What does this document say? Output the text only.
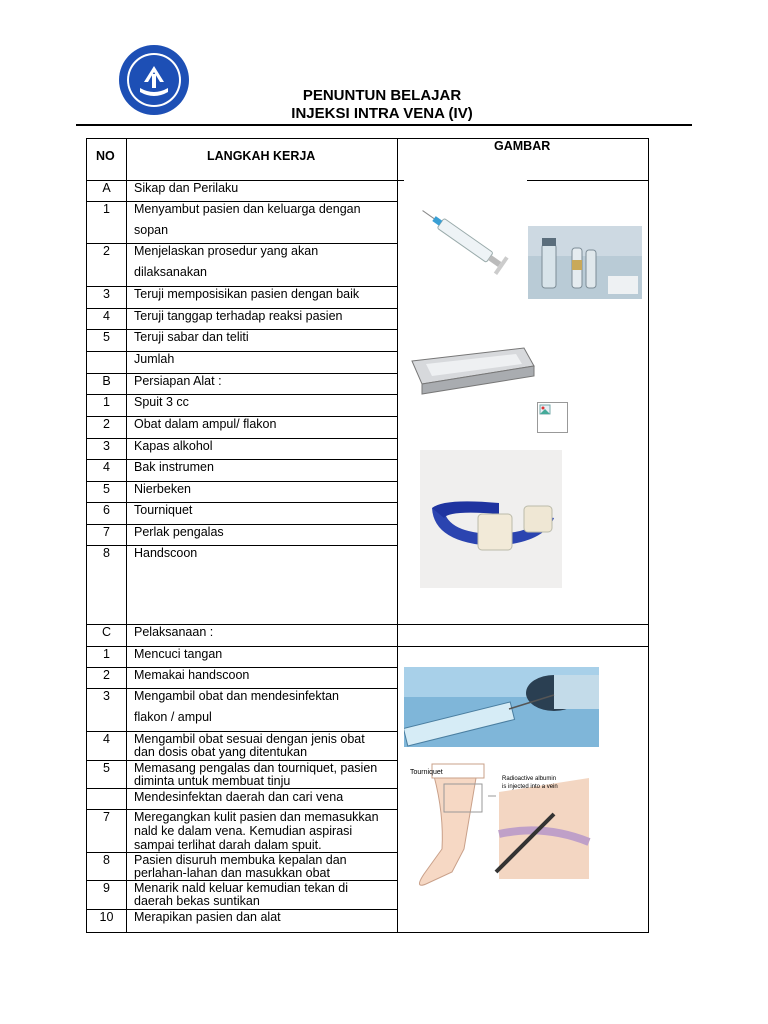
PENUNTUN BELAJAR
INJEKSI INTRA VENA (IV)
NO	LANGKAH KERJA
GAMBAR
A	Sikap dan Perilaku
1	Menyambut pasien dan keluarga dengan
sopan
2	Menjelaskan prosedur yang akan
dilaksanakan
3	Teruji memposisikan pasien dengan baik
4	Teruji tanggap terhadap reaksi pasien
5	Teruji sabar dan teliti
Jumlah
B	Persiapan Alat :
1	Spuit 3 cc
2	Obat dalam ampul/ flakon
3	Kapas alkohol
4	Bak instrumen
5	Nierbeken
6	Tourniquet
7	Perlak pengalas
8	Handscoon
C	Pelaksanaan :
1	Mencuci tangan
2	Memakai handscoon
3	Mengambil obat dan mendesinfektan
flakon / ampul
4	Mengambil obat sesuai dengan jenis obat
dan dosis obat yang ditentukan
5	Memasang pengalas dan tourniquet, pasien
diminta untuk membuat tinju
Mendesinfektan daerah dan cari vena
7	Meregangkan kulit pasien dan memasukkan
nald ke dalam vena. Kemudian aspirasi
sampai terlihat darah dalam spuit.
8	Pasien disuruh membuka kepalan dan
perlahan-lahan dan masukkan obat
9	Menarik nald keluar kemudian tekan di
daerah bekas suntikan
10	Merapikan pasien dan alat
Tourniquet
Radioactive albumin
is injected into a vein
